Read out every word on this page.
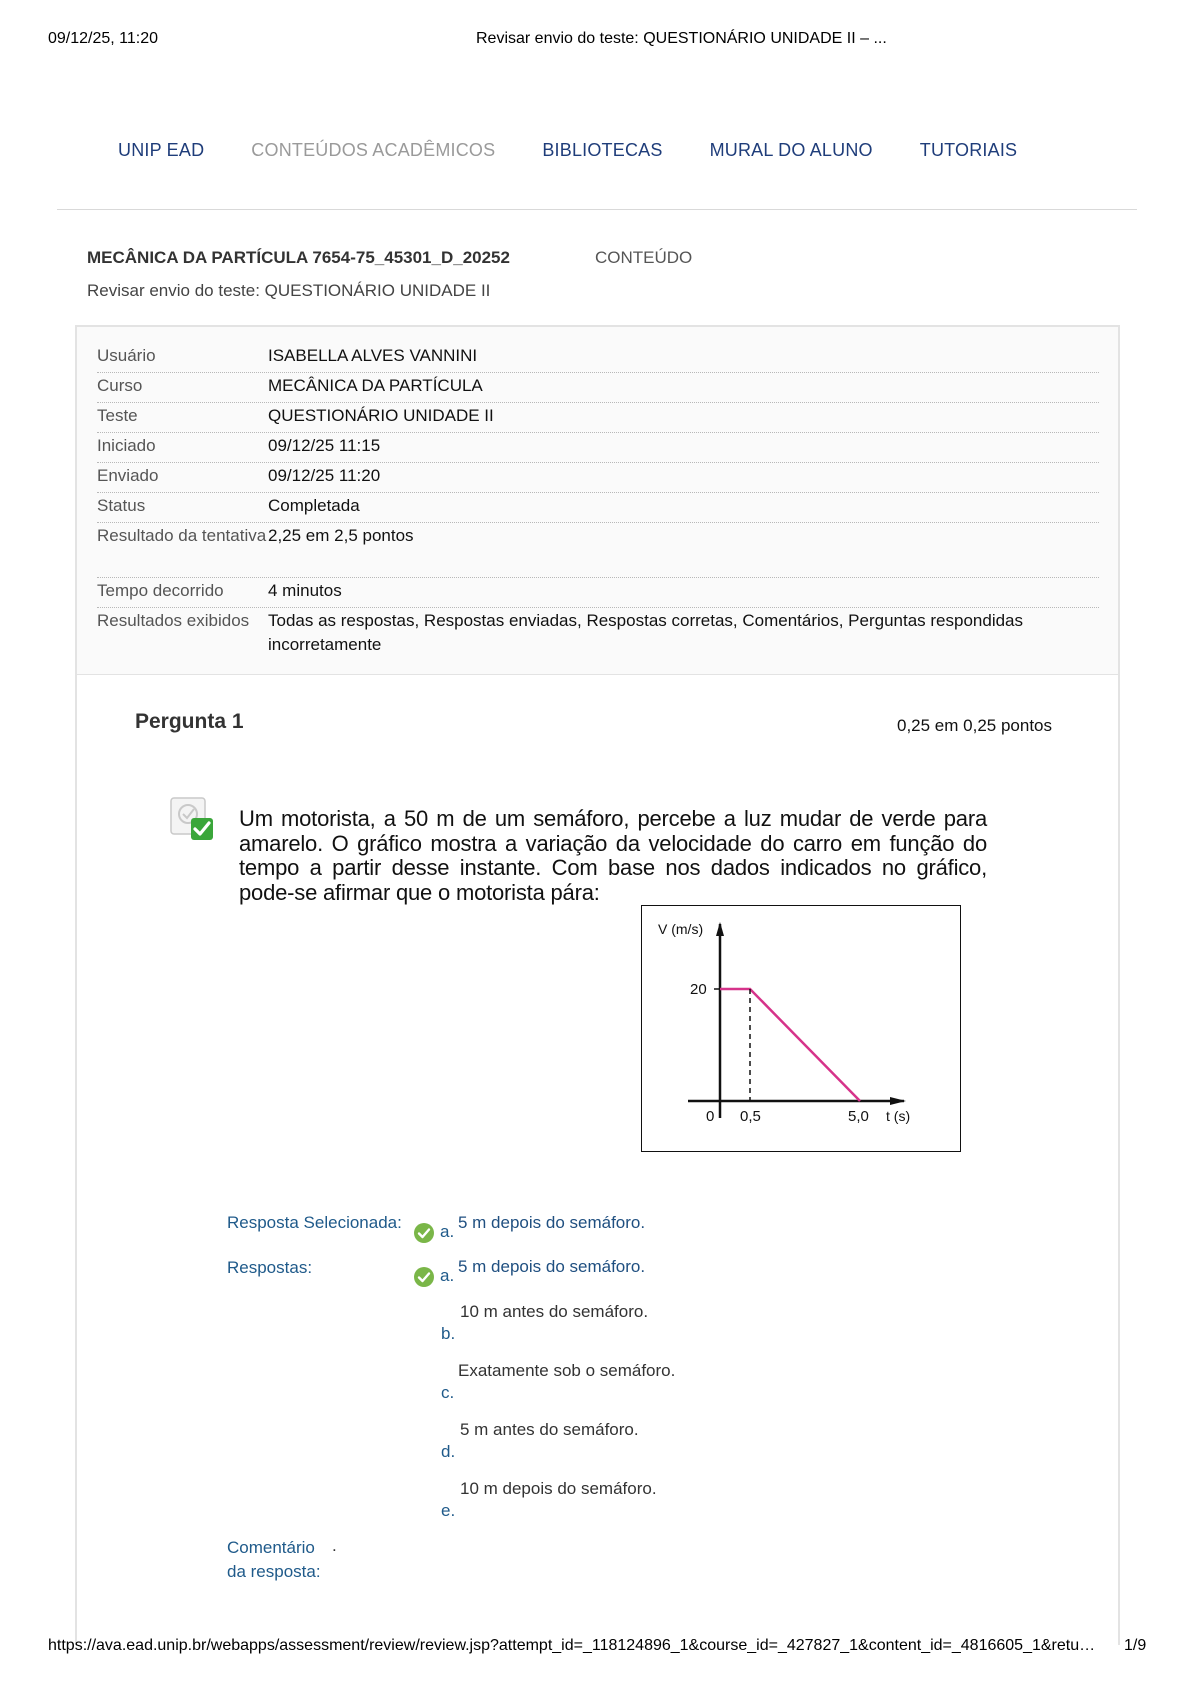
09/12/25, 11:20	Revisar envio do teste: QUESTIONÁRIO UNIDADE II – ...
UNIP EAD	CONTEÚDOS ACADÊMICOS	BIBLIOTECAS	MURAL DO ALUNO	TUTORIAIS
MECÂNICA DA PARTÍCULA 7654-75_45301_D_20252	CONTEÚDO
Revisar envio do teste: QUESTIONÁRIO UNIDADE II
Usuário	ISABELLA ALVES VANNINI
Curso	MECÂNICA DA PARTÍCULA
Teste	QUESTIONÁRIO UNIDADE II
Iniciado	09/12/25 11:15
Enviado	09/12/25 11:20
Status	Completada
Resultado da tentativa 2,25 em 2,5 pontos
Tempo decorrido	4 minutos
Resultados exibidos	Todas as respostas, Respostas enviadas, Respostas corretas, Comentários, Perguntas respondidas incorretamente
Pergunta 1	0,25 em 0,25 pontos
Um motorista, a 50 m de um semáforo, percebe a luz mudar de verde para amarelo. O gráfico mostra a variação da velocidade do carro em função do tempo a partir desse instante. Com base nos dados indicados no gráfico, pode-se afirmar que o motorista pára:
V (m/s)
t (s)
20
0 0,5	5,0
Resposta Selecionada: a. 5 m depois do semáforo.
Respostas:	a. 5 m depois do semáforo.
10 m antes do semáforo.
b.
Exatamente sob o semáforo.
c.
5 m antes do semáforo.
d.
10 m depois do semáforo.
e.
Comentário da resposta:
.
https://ava.ead.unip.br/webapps/assessment/review/review.jsp?attempt_id=_118124896_1&course_id=_427827_1&content_id=_4816605_1&retu… 1/9
